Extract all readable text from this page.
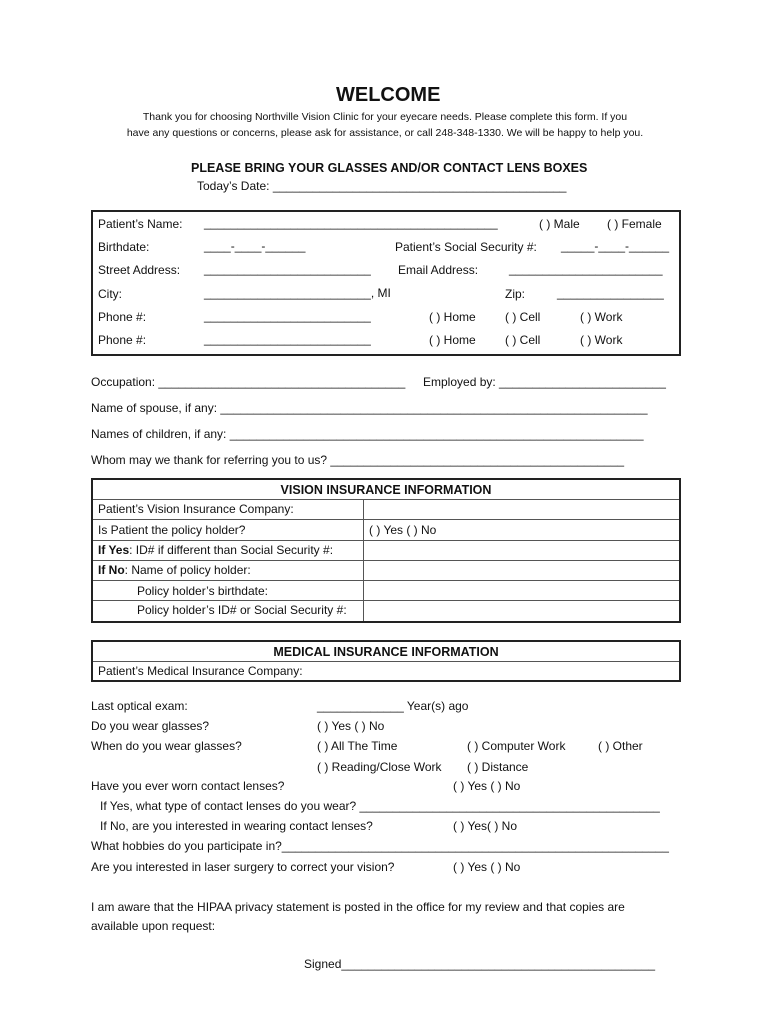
WELCOME
Thank you for choosing Northville Vision Clinic for your eyecare needs. Please complete this form. If you
have any questions or concerns, please ask for assistance, or call 248-348-1330. We will be happy to help you.
PLEASE BRING YOUR GLASSES AND/OR CONTACT LENS BOXES
Today’s Date: ____________________________________________
Patient’s Name: ____________________________________________	( ) Male ( ) Female
Birthdate:	____-____-______	Patient’s Social Security #: _____-____-______
Street Address: _________________________ Email Address:	_______________________
City:	_________________________, MI	Zip:	________________
Phone #:	_________________________	( ) Home ( ) Cell	( ) Work
Phone #:	_________________________	( ) Home ( ) Cell	( ) Work
Occupation: _____________________________________ Employed by: _________________________
Name of spouse, if any: ________________________________________________________________
Names of children, if any: ______________________________________________________________
Whom may we thank for referring you to us? ____________________________________________
VISION INSURANCE INFORMATION
Patient’s Vision Insurance Company:
Is Patient the policy holder?	( ) Yes ( ) No
If Yes: ID# if different than Social Security #:
If No: Name of policy holder:
Policy holder’s birthdate:
Policy holder’s ID# or Social Security #:
MEDICAL INSURANCE INFORMATION
Patient’s Medical Insurance Company:
Last optical exam:	_____________ Year(s) ago
Do you wear glasses?	( ) Yes ( ) No
When do you wear glasses?	( ) All The Time	( ) Computer Work	( ) Other
( ) Reading/Close Work ( ) Distance
Have you ever worn contact lenses?	( ) Yes ( ) No
If Yes, what type of contact lenses do you wear? _____________________________________________
If No, are you interested in wearing contact lenses?	( ) Yes( ) No
What hobbies do you participate in?__________________________________________________________
Are you interested in laser surgery to correct your vision?	( ) Yes ( ) No
I am aware that the HIPAA privacy statement is posted in the office for my review and that copies are
available upon request:
Signed_______________________________________________
